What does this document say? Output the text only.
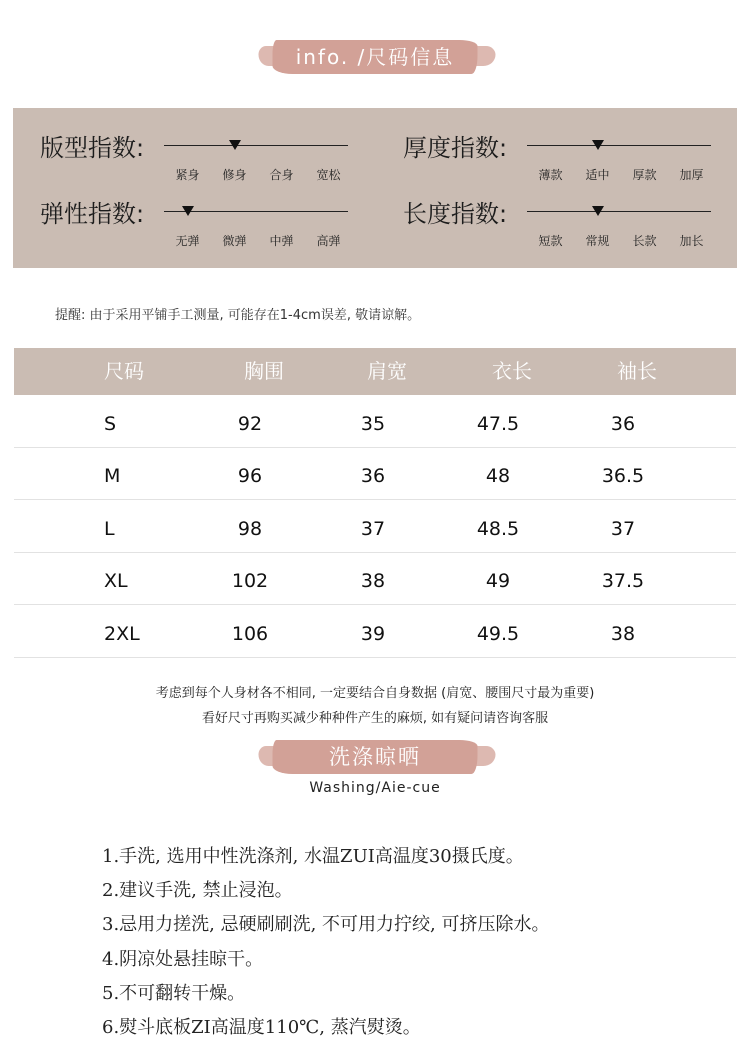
info. /尺码信息
版型指数:
紧身	修身	合身	宽松
厚度指数:
薄款	适中	厚款	加厚
弹性指数:
无弹	微弹	中弹	高弹
长度指数:
短款	常规	长款	加长
提醒: 由于采用平铺手工测量, 可能存在1-4cm误差, 敬请谅解。
尺码	胸围	肩宽	衣长	袖长
S	92	35	47.5	36
M	96	36	48	36.5
L	98	37	48.5	37
XL	102	38	49	37.5
2XL	106	39	49.5	38
考虑到每个人身材各不相同, 一定要结合自身数据 (肩宽、腰围尺寸最为重要)
看好尺寸再购买减少种种件产生的麻烦, 如有疑问请咨询客服
洗涤晾晒
Washing/Aie-cue
1.手洗, 选用中性洗涤剂, 水温ZUI高温度30摄氏度。
2.建议手洗, 禁止浸泡。
3.忌用力搓洗, 忌硬刷刷洗, 不可用力拧绞, 可挤压除水。
4.阴凉处悬挂晾干。
5.不可翻转干燥。
6.熨斗底板ZI高温度110℃, 蒸汽熨烫。
